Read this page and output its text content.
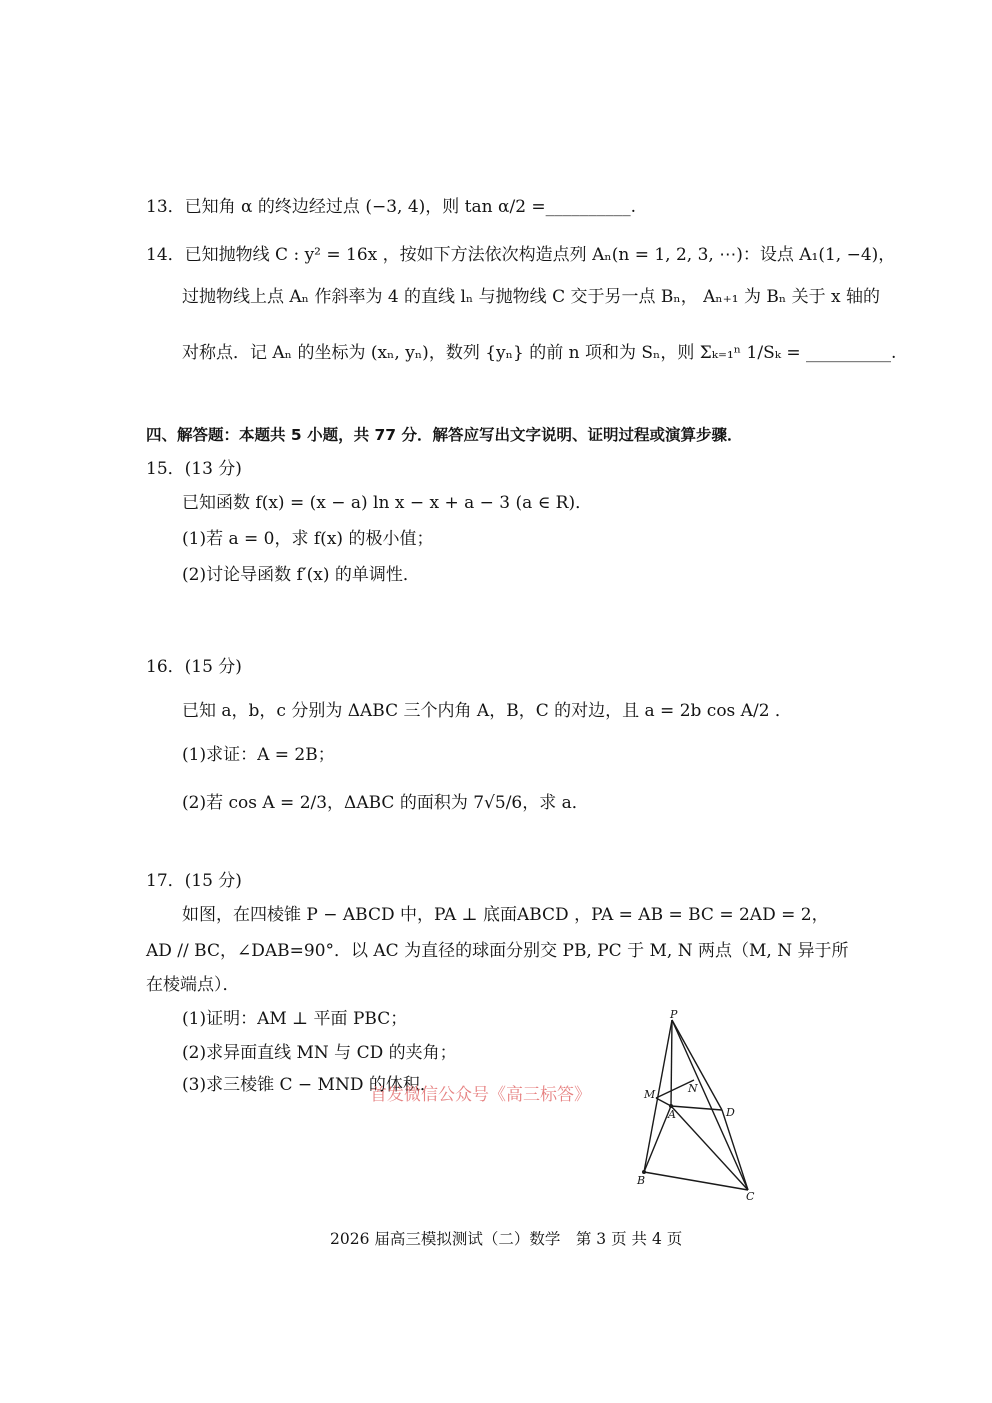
13．已知角 α 的终边经过点 (−3, 4)，则 tan α/2 =__________.
14．已知抛物线 C : y² = 16x ，按如下方法依次构造点列 Aₙ(n = 1, 2, 3, ⋯)：设点 A₁(1, −4)，
过抛物线上点 Aₙ 作斜率为 4 的直线 lₙ 与抛物线 C 交于另一点 Bₙ， Aₙ₊₁ 为 Bₙ 关于 x 轴的
对称点．记 Aₙ 的坐标为 (xₙ, yₙ)，数列 {yₙ} 的前 n 项和为 Sₙ，则 Σₖ₌₁ⁿ 1/Sₖ = __________.
四、解答题：本题共 5 小题，共 77 分．解答应写出文字说明、证明过程或演算步骤．
15．(13 分)
已知函数 f(x) = (x − a) ln x − x + a − 3 (a ∈ R)．
(1)若 a = 0，求 f(x) 的极小值；
(2)讨论导函数 f′(x) 的单调性．
16．(15 分)
已知 a，b，c 分别为 ΔABC 三个内角 A，B，C 的对边，且 a = 2b cos A/2 ．
(1)求证：A = 2B；
(2)若 cos A = 2/3，ΔABC 的面积为 7√5/6，求 a．
17．(15 分)
如图，在四棱锥 P − ABCD 中，PA ⊥ 底面ABCD ，PA = AB = BC = 2AD = 2，
AD // BC，∠DAB=90°．以 AC 为直径的球面分别交 PB, PC 于 M, N 两点（M, N 异于所
在棱端点）．
(1)证明：AM ⊥ 平面 PBC；
(2)求异面直线 MN 与 CD 的夹角；
(3)求三棱锥 C − MND 的体积．
首发微信公众号《高三标答》
P
M	N
A	D
B
C
2026 届高三模拟测试（二）数学　第 3 页 共 4 页
